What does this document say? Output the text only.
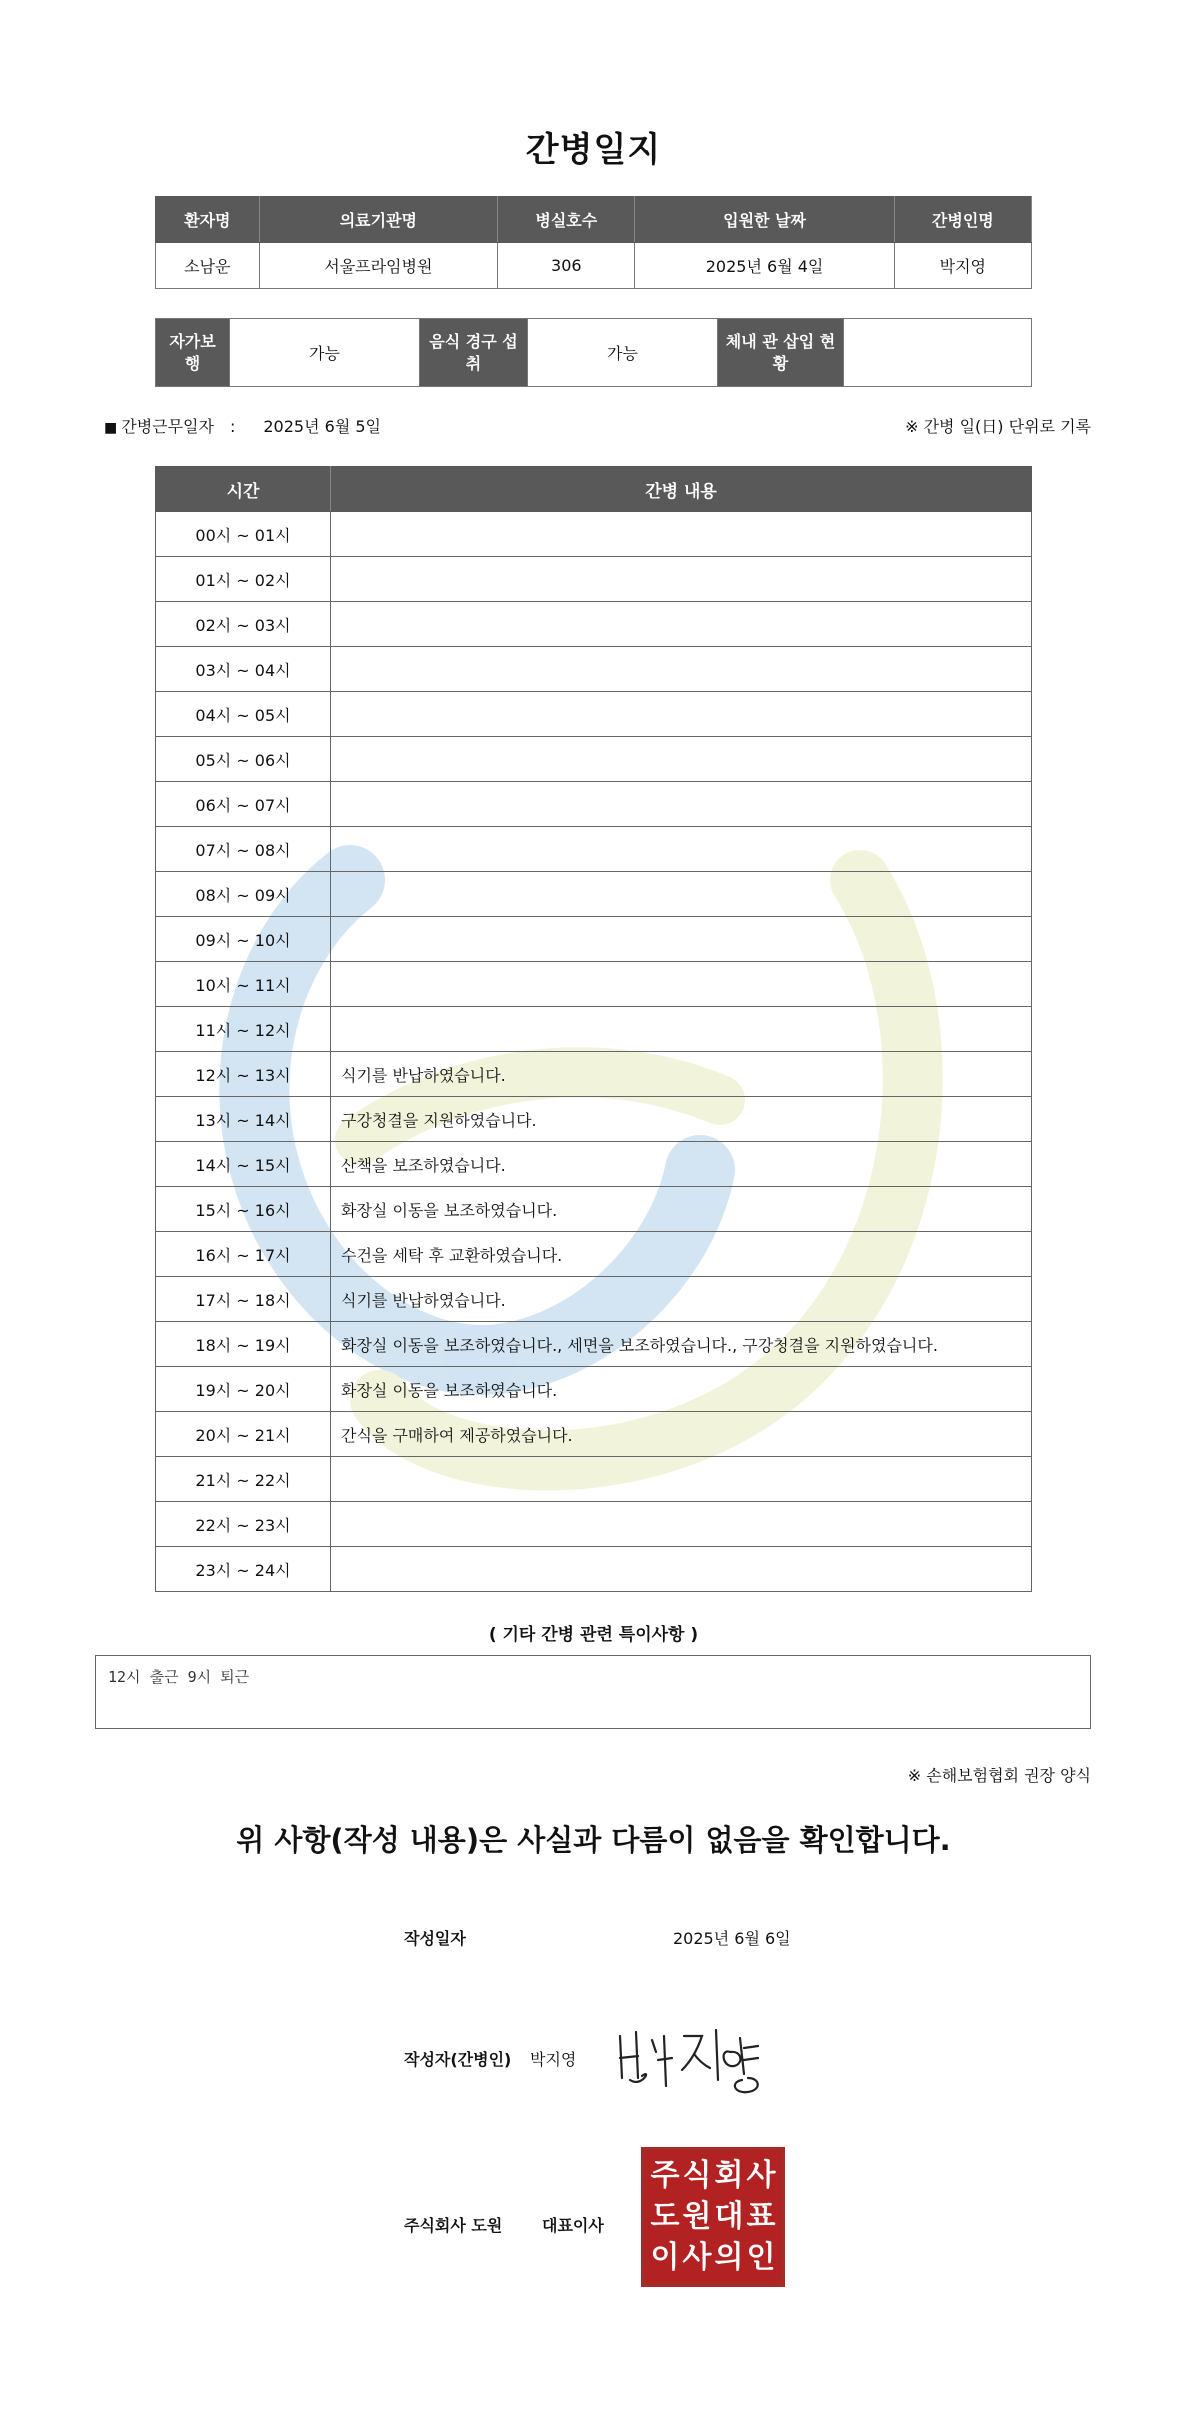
간병일지
환자명	의료기관명	병실호수	입원한 날짜	간병인명
소남운	서울프라임병원	306	2025년 6월 4일	박지영
자가보행	가능	음식 경구 섭취	가능	체내 관 삽입 현황	
■ 간병근무일자 : 2025년 6월 5일	※ 간병 일(日) 단위로 기록
시간	간병 내용
00시 ~ 01시	
01시 ~ 02시	
02시 ~ 03시	
03시 ~ 04시	
04시 ~ 05시	
05시 ~ 06시	
06시 ~ 07시	
07시 ~ 08시	
08시 ~ 09시	
09시 ~ 10시	
10시 ~ 11시	
11시 ~ 12시	
12시 ~ 13시	식기를 반납하였습니다.
13시 ~ 14시	구강청결을 지원하였습니다.
14시 ~ 15시	산책을 보조하였습니다.
15시 ~ 16시	화장실 이동을 보조하였습니다.
16시 ~ 17시	수건을 세탁 후 교환하였습니다.
17시 ~ 18시	식기를 반납하였습니다.
18시 ~ 19시	화장실 이동을 보조하였습니다., 세면을 보조하였습니다., 구강청결을 지원하였습니다.
19시 ~ 20시	화장실 이동을 보조하였습니다.
20시 ~ 21시	간식을 구매하여 제공하였습니다.
21시 ~ 22시	
22시 ~ 23시	
23시 ~ 24시	
( 기타 간병 관련 특이사항 )
12시 출근 9시 퇴근
※ 손해보험협회 권장 양식
위 사항(작성 내용)은 사실과 다름이 없음을 확인합니다.
작성일자	2025년 6월 6일
작성자(간병인) 박지영
주식회사 도원 대표이사
주 식 회 사
도 원 대 표
이 사 의 인
